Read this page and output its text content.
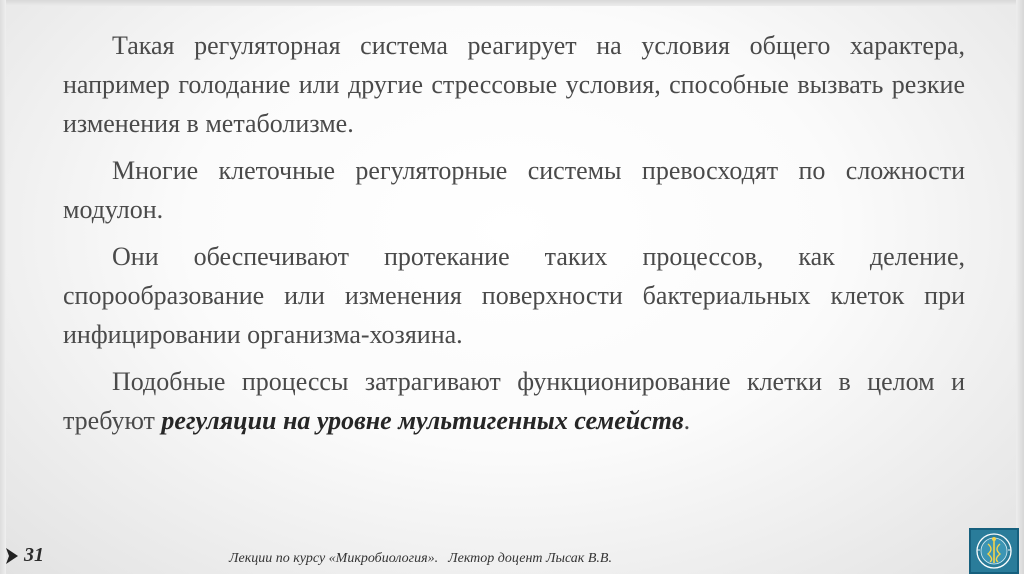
Такая регуляторная система реагирует на условия общего характера, например голодание или другие стрессовые условия, способные вызвать резкие изменения в метаболизме.

Многие клеточные регуляторные системы превосходят по сложности модулон.

Они обеспечивают протекание таких процессов, как деление, спорообразование или изменения поверхности бактериальных клеток при инфицировании организма-хозяина.

Подобные процессы затрагивают функционирование клетки в целом и требуют регуляции на уровне мультигенных семейств.

31	Лекции по курсу «Микробиология». Лектор доцент Лысак В.В.
